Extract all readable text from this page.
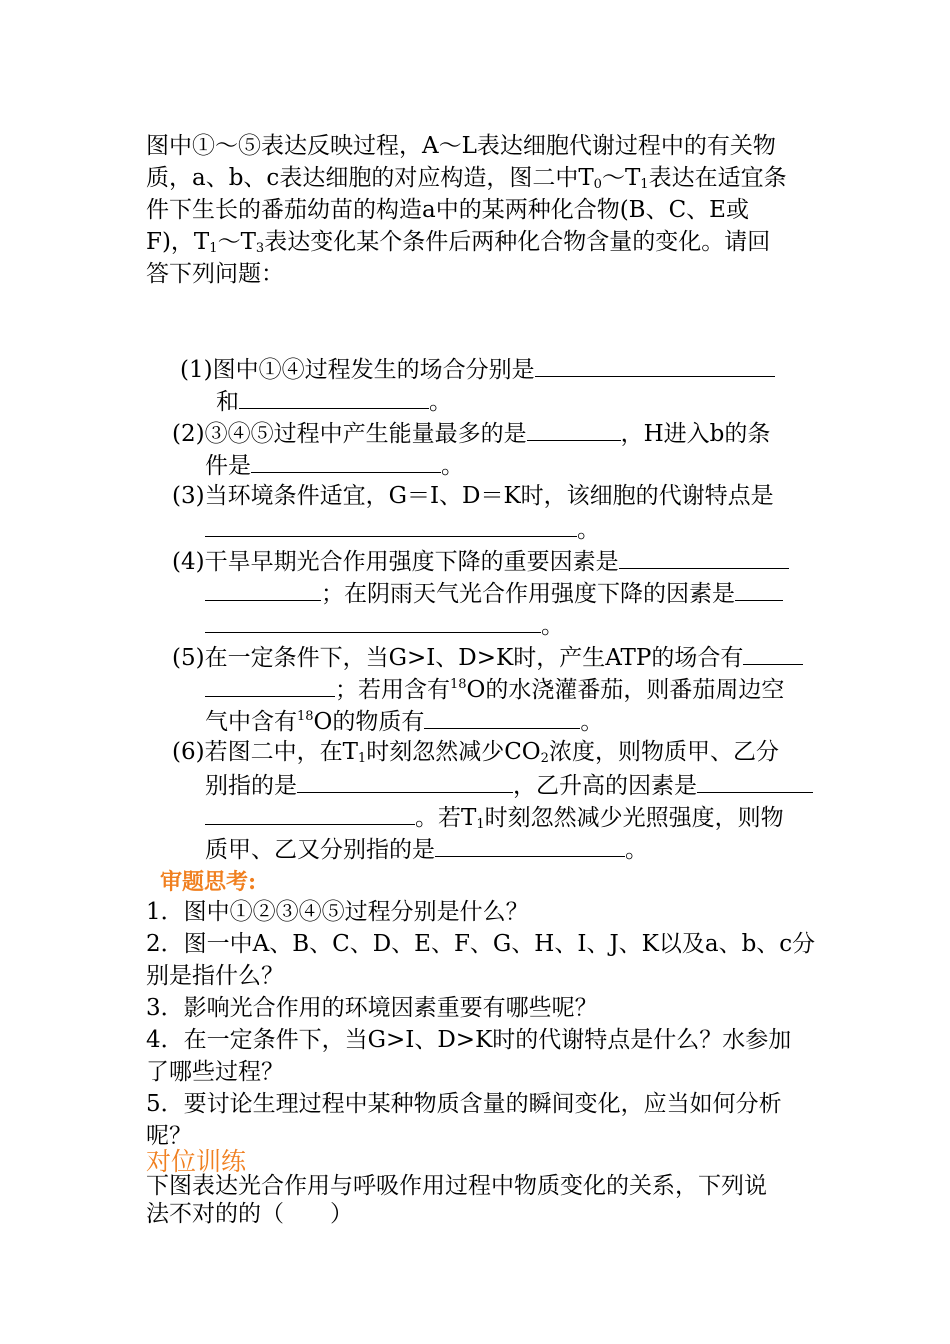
图中①～⑤表达反映过程，A～L表达细胞代谢过程中的有关物
质，a、b、c表达细胞的对应构造，图二中$T_0\sim T_1$表达在适宜条
件下生长的番茄幼苗的构造a中的某两种化合物(B、C、E或
F)，$T_1\sim T_3$表达变化某个条件后两种化合物含量的变化。请回
答下列问题：
(1)图中①④过程发生的场合分别是
和	。
(2)③④⑤过程中产生能量最多的是	，H进入b的条
件是	。
(3)当环境条件适宜，G＝I、D＝K时，该细胞的代谢特点是
。
(4)干旱早期光合作用强度下降的重要因素是
；在阴雨天气光合作用强度下降的因素是
。
(5)在一定条件下，当G>I、D>K时，产生ATP的场合有
；若用含有$^{18}$O的水浇灌番茄，则番茄周边空
气中含有$^{18}$O的物质有	。
(6)若图二中，在$T_1$时刻忽然减少$CO_2$浓度，则物质甲、乙分
别指的是	，乙升高的因素是
。若$T_1$时刻忽然减少光照强度，则物
质甲、乙又分别指的是	。
审题思考:
1．图中①②③④⑤过程分别是什么？
2．图一中A、B、C、D、E、F、G、H、I、J、K以及a、b、c分
别是指什么？
3．影响光合作用的环境因素重要有哪些呢？
4．在一定条件下，当G>I、D>K时的代谢特点是什么？水参加
了哪些过程？
5．要讨论生理过程中某种物质含量的瞬间变化，应当如何分析
呢？
对位训练
下图表达光合作用与呼吸作用过程中物质变化的关系，下列说
法不对的的（　　）
